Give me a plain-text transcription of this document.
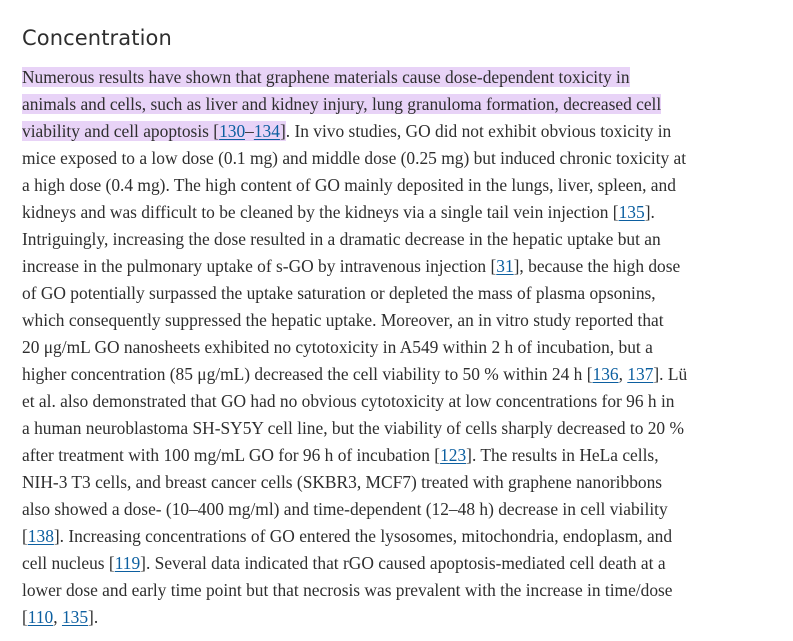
Concentration

Numerous results have shown that graphene materials cause dose-dependent toxicity in
animals and cells, such as liver and kidney injury, lung granuloma formation, decreased cell
viability and cell apoptosis [130–134]. In vivo studies, GO did not exhibit obvious toxicity in
mice exposed to a low dose (0.1 mg) and middle dose (0.25 mg) but induced chronic toxicity at
a high dose (0.4 mg). The high content of GO mainly deposited in the lungs, liver, spleen, and
kidneys and was difficult to be cleaned by the kidneys via a single tail vein injection [135].
Intriguingly, increasing the dose resulted in a dramatic decrease in the hepatic uptake but an
increase in the pulmonary uptake of s-GO by intravenous injection [31], because the high dose
of GO potentially surpassed the uptake saturation or depleted the mass of plasma opsonins,
which consequently suppressed the hepatic uptake. Moreover, an in vitro study reported that
20 μg/mL GO nanosheets exhibited no cytotoxicity in A549 within 2 h of incubation, but a
higher concentration (85 μg/mL) decreased the cell viability to 50 % within 24 h [136, 137]. Lü
et al. also demonstrated that GO had no obvious cytotoxicity at low concentrations for 96 h in
a human neuroblastoma SH-SY5Y cell line, but the viability of cells sharply decreased to 20 %
after treatment with 100 mg/mL GO for 96 h of incubation [123]. The results in HeLa cells,
NIH-3 T3 cells, and breast cancer cells (SKBR3, MCF7) treated with graphene nanoribbons
also showed a dose- (10–400 mg/ml) and time-dependent (12–48 h) decrease in cell viability
[138]. Increasing concentrations of GO entered the lysosomes, mitochondria, endoplasm, and
cell nucleus [119]. Several data indicated that rGO caused apoptosis-mediated cell death at a
lower dose and early time point but that necrosis was prevalent with the increase in time/dose
[110, 135].
